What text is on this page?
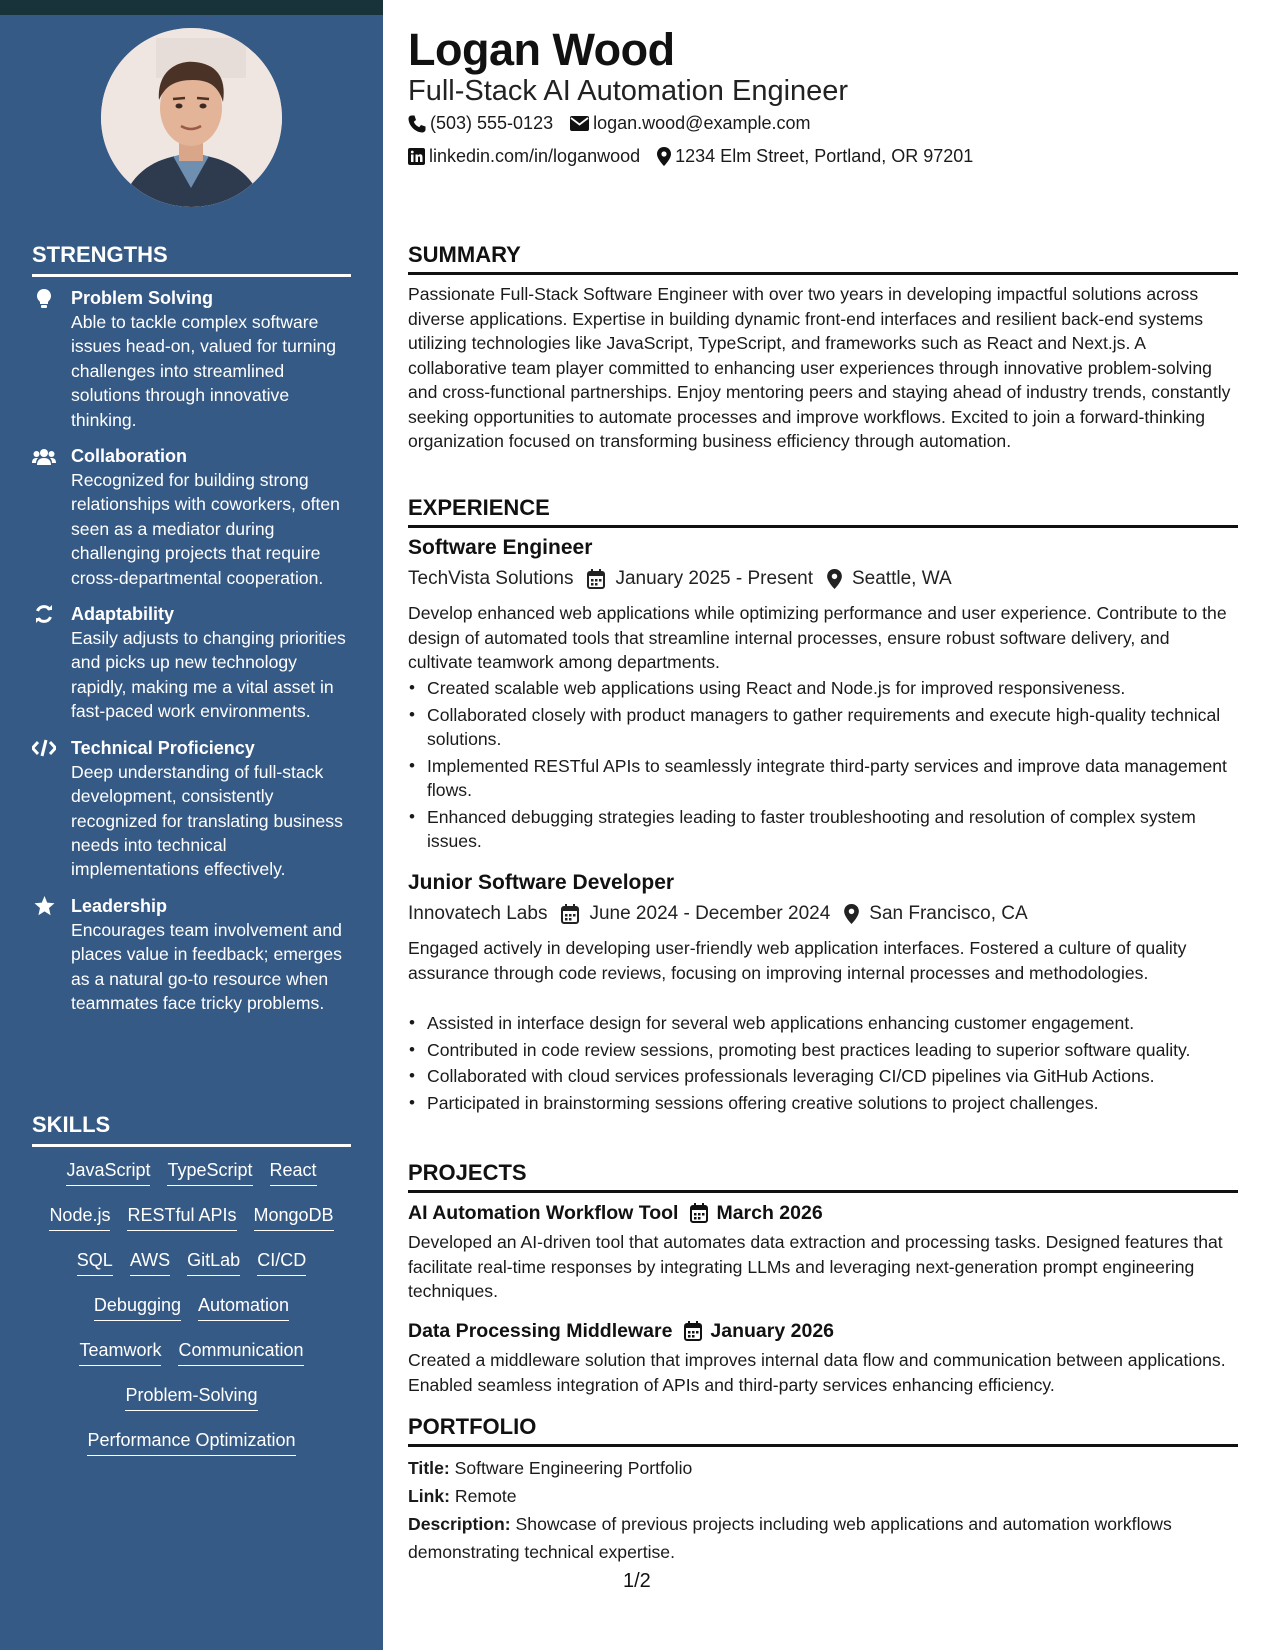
STRENGTHS
Problem Solving
Able to tackle complex software issues head-on, valued for turning challenges into streamlined solutions through innovative thinking.
Collaboration
Recognized for building strong relationships with coworkers, often seen as a mediator during challenging projects that require cross-departmental cooperation.
Adaptability
Easily adjusts to changing priorities and picks up new technology rapidly, making me a vital asset in fast-paced work environments.
Technical Proficiency
Deep understanding of full-stack development, consistently recognized for translating business needs into technical implementations effectively.
Leadership
Encourages team involvement and places value in feedback; emerges as a natural go-to resource when teammates face tricky problems.
SKILLS
JavaScript TypeScript React
Node.js RESTful APIs MongoDB
SQL AWS GitLab CI/CD
Debugging Automation
Teamwork Communication
Problem-Solving
Performance Optimization
Logan Wood
Full-Stack AI Automation Engineer
(503) 555-0123 logan.wood@example.com
linkedin.com/in/loganwood 1234 Elm Street, Portland, OR 97201
SUMMARY
Passionate Full-Stack Software Engineer with over two years in developing impactful solutions across diverse applications. Expertise in building dynamic front-end interfaces and resilient back-end systems utilizing technologies like JavaScript, TypeScript, and frameworks such as React and Next.js. A collaborative team player committed to enhancing user experiences through innovative problem-solving and cross-functional partnerships. Enjoy mentoring peers and staying ahead of industry trends, constantly seeking opportunities to automate processes and improve workflows. Excited to join a forward-thinking organization focused on transforming business efficiency through automation.
EXPERIENCE
Software Engineer
TechVista Solutions January 2025 - Present Seattle, WA
Develop enhanced web applications while optimizing performance and user experience. Contribute to the design of automated tools that streamline internal processes, ensure robust software delivery, and cultivate teamwork among departments.
• Created scalable web applications using React and Node.js for improved responsiveness.
• Collaborated closely with product managers to gather requirements and execute high-quality technical solutions.
• Implemented RESTful APIs to seamlessly integrate third-party services and improve data management flows.
• Enhanced debugging strategies leading to faster troubleshooting and resolution of complex system issues.
Junior Software Developer
Innovatech Labs June 2024 - December 2024 San Francisco, CA
Engaged actively in developing user-friendly web application interfaces. Fostered a culture of quality assurance through code reviews, focusing on improving internal processes and methodologies.
• Assisted in interface design for several web applications enhancing customer engagement.
• Contributed in code review sessions, promoting best practices leading to superior software quality.
• Collaborated with cloud services professionals leveraging CI/CD pipelines via GitHub Actions.
• Participated in brainstorming sessions offering creative solutions to project challenges.
PROJECTS
AI Automation Workflow Tool March 2026
Developed an AI-driven tool that automates data extraction and processing tasks. Designed features that facilitate real-time responses by integrating LLMs and leveraging next-generation prompt engineering techniques.
Data Processing Middleware January 2026
Created a middleware solution that improves internal data flow and communication between applications. Enabled seamless integration of APIs and third-party services enhancing efficiency.
PORTFOLIO
Title: Software Engineering Portfolio
Link: Remote
Description: Showcase of previous projects including web applications and automation workflows demonstrating technical expertise.
1/2
